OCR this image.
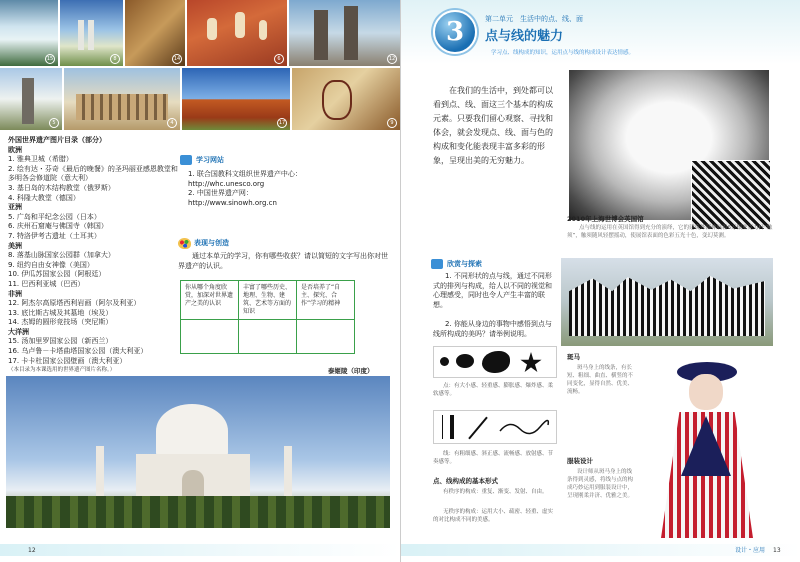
15	8	14	6	12
5	4	17	9
外国世界遗产图片目录（部分）
欧洲
1. 雅典卫城（希腊）
2. 绘有达・芬奇《最后的晚餐》的圣玛丽亚感恩教堂和多明各会修道院（意大利）
3. 基日岛的木结构教堂（俄罗斯）
4. 科隆大教堂（德国）
亚洲
5. 广岛和平纪念公园（日本）
6. 庆州石窟庵与佛国寺（韩国）
7. 特洛伊考古遗址（土耳其）
美洲
8. 落基山脉国家公园群（加拿大）
9. 纽约自由女神像（美国）
10. 伊瓜苏国家公园（阿根廷）
11. 巴西利亚城（巴西）
非洲
12. 阿杰尔高原塔西利岩画（阿尔及利亚）
13. 底比斯古城及其墓地（埃及）
14. 杰姆的圆形竞技场（突尼斯）
大洋洲
15. 汤加里罗国家公园（新西兰）
16. 乌卢鲁－卡塔曲塔国家公园（澳大利亚）
17. 卡卡杜国家公园壁画（澳大利亚）
（本目录为本课选用的世界遗产图片名称。）
学习网站
1. 联合国教科文组织世界遗产中心：
http://whc.unesco.org
2. 中国世界遗产网：
http://www.sinowh.org.cn
表现与创造
通过本单元的学习，你有哪些收获？请以简短的文字写出你对世界遗产的认识。
你从哪个角度欣赏，加深对世界遗产之美的认识	丰富了哪些历史、地理、生物、建筑、艺术等方面的知识	是否培养了“自主、探究、合作”学习的精神

泰姬陵（印度）
12
3	第二单元　生活中的点、线、面
点与线的魅力
学习点、线构成的知识，运用点与线的构成设计表达情感。
在我们的生活中，到处都可以看到点、线、面这三个基本的构成元素。只要我们留心观察、寻找和体会，就会发现点、线、面与色的构成和变化能表现丰富多彩的形象，呈现出美的无穷魅力。
2010年上海世博会英国馆
点与线的运用在英国馆得到充分的演绎，它的建筑外部伸展着6万根亚克力杆“触须”，触须随风轻摆摇动，使展馆表面的色彩五光十色，变幻莫测。
欣赏与探索
1. 不同形状的点与线，通过不同形式的排列与构成，给人以不同的视觉和心理感受，同时也令人产生丰富的联想。
2. 你能从身边的事物中感悟到点与线所构成的美吗？请举例说明。
点：有大小感、轻重感、膨胀感、爆炸感、柔软感等。
线：有粗细感、斜正感、流畅感、放射感、节奏感等。
点、线构成的基本形式
有秩序的构成：重复、渐变、发射、自由。
无秩序的构成：运用大小、疏密、轻重、虚实的对比构成不同的美感。
斑马
斑马身上的线条，有长短、粗细、曲直、横竖的不同变化，显得自然、优美、流畅。
服装设计
设计师从斑马身上的线条得到灵感，将线与点的构成巧妙运用到服装设计中，呈现刚柔并济、优雅之美。
设计・应用 13
